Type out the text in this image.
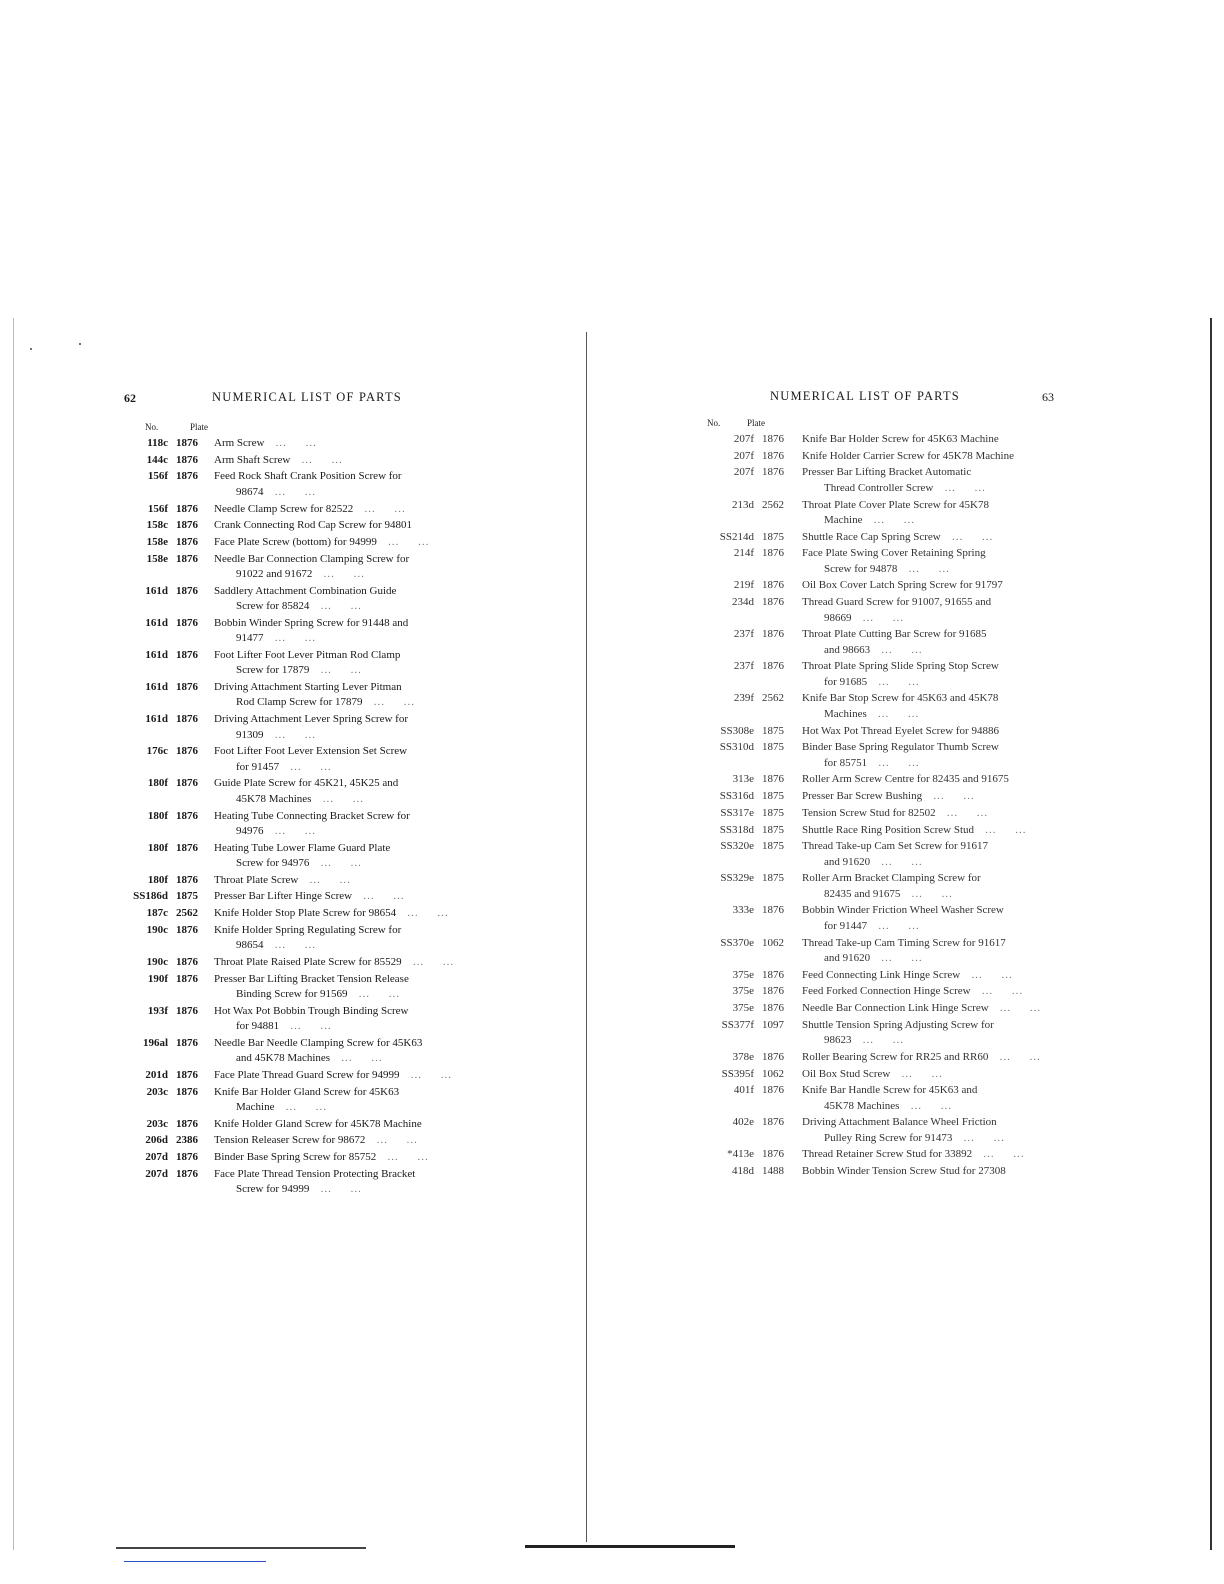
62	NUMERICAL LIST OF PARTS
No.	Plate
118c 1876	Arm Screw   ...     ...
144c 1876	Arm Shaft Screw   ...     ...
156f 1876	Feed Rock Shaft Crank Position Screw for
98674   ...     ...
156f 1876	Needle Clamp Screw for 82522   ...     ...
158c 1876	Crank Connecting Rod Cap Screw for 94801
158e 1876	Face Plate Screw (bottom) for 94999   ...     ...
158e 1876	Needle Bar Connection Clamping Screw for
91022 and 91672   ...     ...
161d 1876	Saddlery Attachment Combination Guide
Screw for 85824   ...     ...
161d 1876	Bobbin Winder Spring Screw for 91448 and
91477   ...     ...
161d 1876	Foot Lifter Foot Lever Pitman Rod Clamp
Screw for 17879   ...     ...
161d 1876	Driving Attachment Starting Lever Pitman
Rod Clamp Screw for 17879   ...     ...
161d 1876	Driving Attachment Lever Spring Screw for
91309   ...     ...
176c 1876	Foot Lifter Foot Lever Extension Set Screw
for 91457   ...     ...
180f 1876	Guide Plate Screw for 45K21, 45K25 and
45K78 Machines   ...     ...
180f 1876	Heating Tube Connecting Bracket Screw for
94976   ...     ...
180f 1876	Heating Tube Lower Flame Guard Plate
Screw for 94976   ...     ...
180f 1876	Throat Plate Screw   ...     ...
SS186d 1875	Presser Bar Lifter Hinge Screw   ...     ...
187c 2562	Knife Holder Stop Plate Screw for 98654   ...     ...
190c 1876	Knife Holder Spring Regulating Screw for
98654   ...     ...
190c 1876	Throat Plate Raised Plate Screw for 85529   ...     ...
190f 1876	Presser Bar Lifting Bracket Tension Release
Binding Screw for 91569   ...     ...
193f 1876	Hot Wax Pot Bobbin Trough Binding Screw
for 94881   ...     ...
196al 1876	Needle Bar Needle Clamping Screw for 45K63
and 45K78 Machines   ...     ...
201d 1876	Face Plate Thread Guard Screw for 94999   ...     ...
203c 1876	Knife Bar Holder Gland Screw for 45K63
Machine   ...     ...
203c 1876	Knife Holder Gland Screw for 45K78 Machine
206d 2386	Tension Releaser Screw for 98672   ...     ...
207d 1876	Binder Base Spring Screw for 85752   ...     ...
207d 1876	Face Plate Thread Tension Protecting Bracket
Screw for 94999   ...     ...
NUMERICAL LIST OF PARTS	63
No.	Plate
207f 1876	Knife Bar Holder Screw for 45K63 Machine
207f 1876	Knife Holder Carrier Screw for 45K78 Machine
207f 1876	Presser Bar Lifting Bracket Automatic
Thread Controller Screw   ...     ...
213d 2562	Throat Plate Cover Plate Screw for 45K78
Machine   ...     ...
SS214d 1875	Shuttle Race Cap Spring Screw   ...     ...
214f 1876	Face Plate Swing Cover Retaining Spring
Screw for 94878   ...     ...
219f 1876	Oil Box Cover Latch Spring Screw for 91797
234d 1876	Thread Guard Screw for 91007, 91655 and
98669   ...     ...
237f 1876	Throat Plate Cutting Bar Screw for 91685
and 98663   ...     ...
237f 1876	Throat Plate Spring Slide Spring Stop Screw
for 91685   ...     ...
239f 2562	Knife Bar Stop Screw for 45K63 and 45K78
Machines   ...     ...
SS308e 1875	Hot Wax Pot Thread Eyelet Screw for 94886
SS310d 1875	Binder Base Spring Regulator Thumb Screw
for 85751   ...     ...
313e 1876	Roller Arm Screw Centre for 82435 and 91675
SS316d 1875	Presser Bar Screw Bushing   ...     ...
SS317e 1875	Tension Screw Stud for 82502   ...     ...
SS318d 1875	Shuttle Race Ring Position Screw Stud   ...     ...
SS320e 1875	Thread Take-up Cam Set Screw for 91617
and 91620   ...     ...
SS329e 1875	Roller Arm Bracket Clamping Screw for
82435 and 91675   ...     ...
333e 1876	Bobbin Winder Friction Wheel Washer Screw
for 91447   ...     ...
SS370e 1062	Thread Take-up Cam Timing Screw for 91617
and 91620   ...     ...
375e 1876	Feed Connecting Link Hinge Screw   ...     ...
375e 1876	Feed Forked Connection Hinge Screw   ...     ...
375e 1876	Needle Bar Connection Link Hinge Screw   ...     ...
SS377f 1097	Shuttle Tension Spring Adjusting Screw for
98623   ...     ...
378e 1876	Roller Bearing Screw for RR25 and RR60   ...     ...
SS395f 1062	Oil Box Stud Screw   ...     ...
401f 1876	Knife Bar Handle Screw for 45K63 and
45K78 Machines   ...     ...
402e 1876	Driving Attachment Balance Wheel Friction
Pulley Ring Screw for 91473   ...     ...
*413e 1876	Thread Retainer Screw Stud for 33892   ...     ...
418d 1488	Bobbin Winder Tension Screw Stud for 27308
